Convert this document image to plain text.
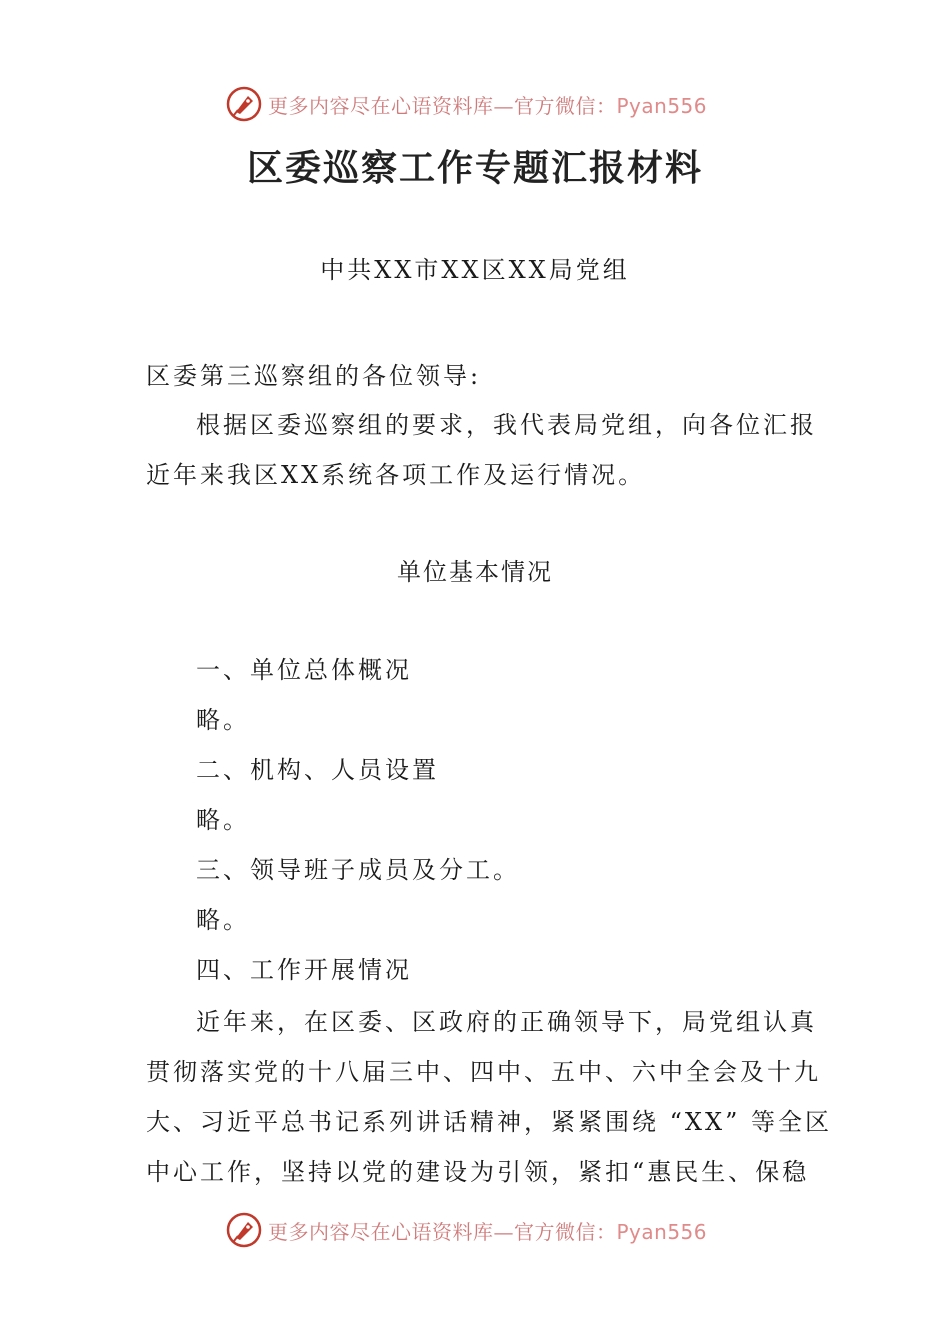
更多内容尽在心语资料库—官方微信：Pyan556
区委巡察工作专题汇报材料
中共XX市XX区XX局党组
区委第三巡察组的各位领导:
根据区委巡察组的要求，我代表局党组，向各位汇报
近年来我区XX系统各项工作及运行情况。
单位基本情况
一、单位总体概况
略。
二、机构、人员设置
略。
三、领导班子成员及分工。
略。
四、工作开展情况
近年来，在区委、区政府的正确领导下，局党组认真
贯彻落实党的十八届三中、四中、五中、六中全会及十九
大、习近平总书记系列讲话精神，紧紧围绕 “XX” 等全区
中心工作，坚持以党的建设为引领，紧扣“惠民生、保稳
更多内容尽在心语资料库—官方微信：Pyan556
